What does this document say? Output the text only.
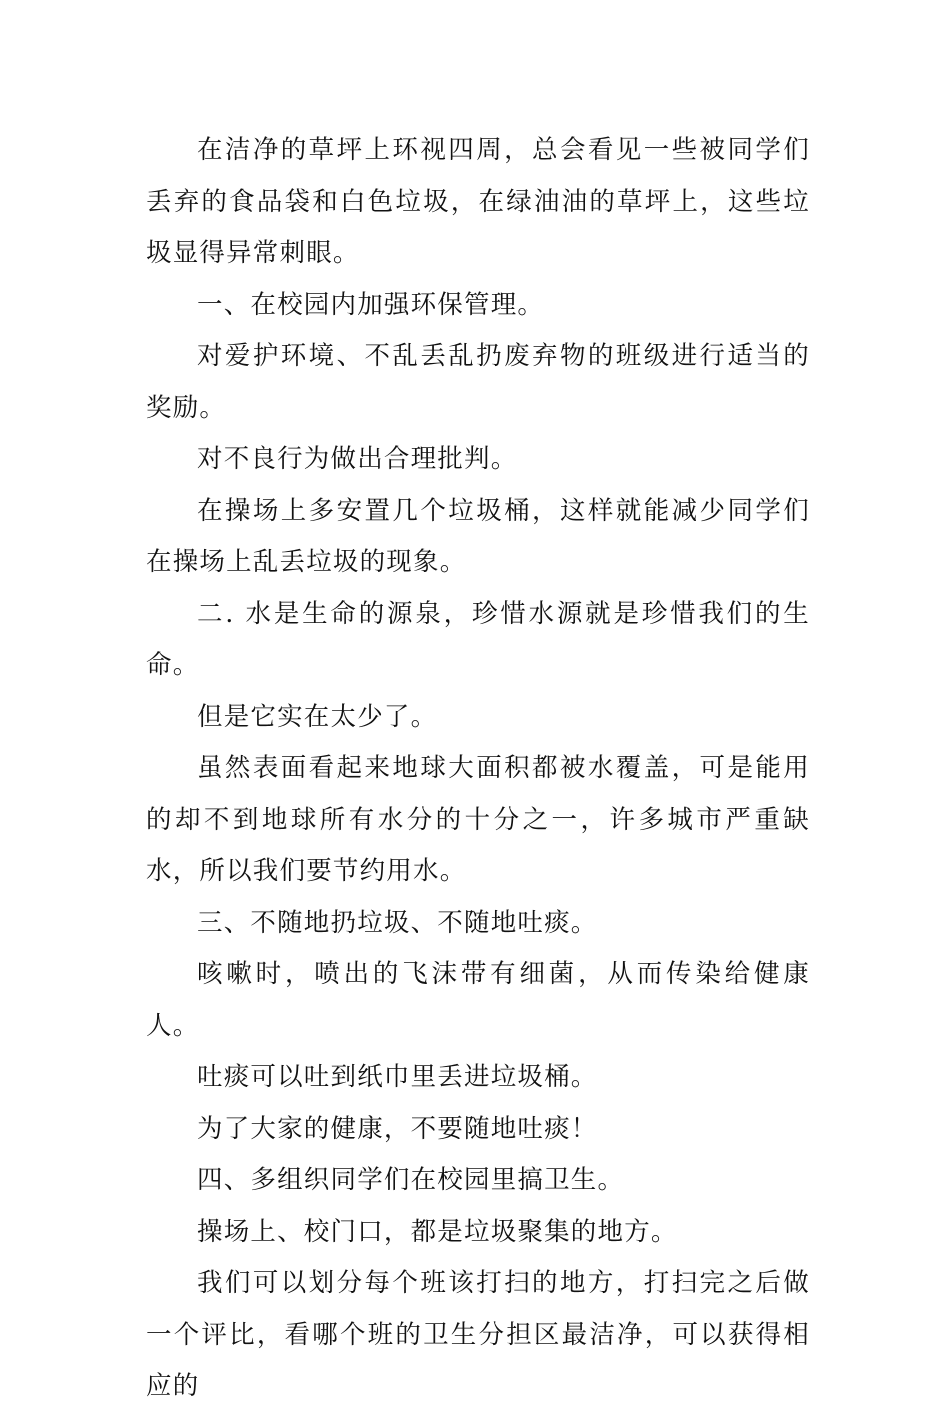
在洁净的草坪上环视四周，总会看见一些被同学们丢弃的食品袋和白色垃圾，在绿油油的草坪上，这些垃圾显得异常刺眼。

一、在校园内加强环保管理。

对爱护环境、不乱丢乱扔废弃物的班级进行适当的奖励。

对不良行为做出合理批判。

在操场上多安置几个垃圾桶，这样就能减少同学们在操场上乱丢垃圾的现象。

二. 水是生命的源泉，珍惜水源就是珍惜我们的生命。

但是它实在太少了。

虽然表面看起来地球大面积都被水覆盖，可是能用的却不到地球所有水分的十分之一，许多城市严重缺水，所以我们要节约用水。

三、不随地扔垃圾、不随地吐痰。

咳嗽时，喷出的飞沫带有细菌，从而传染给健康人。

吐痰可以吐到纸巾里丢进垃圾桶。

为了大家的健康，不要随地吐痰！

四、多组织同学们在校园里搞卫生。

操场上、校门口，都是垃圾聚集的地方。

我们可以划分每个班该打扫的地方，打扫完之后做一个评比，看哪个班的卫生分担区最洁净，可以获得相应的
